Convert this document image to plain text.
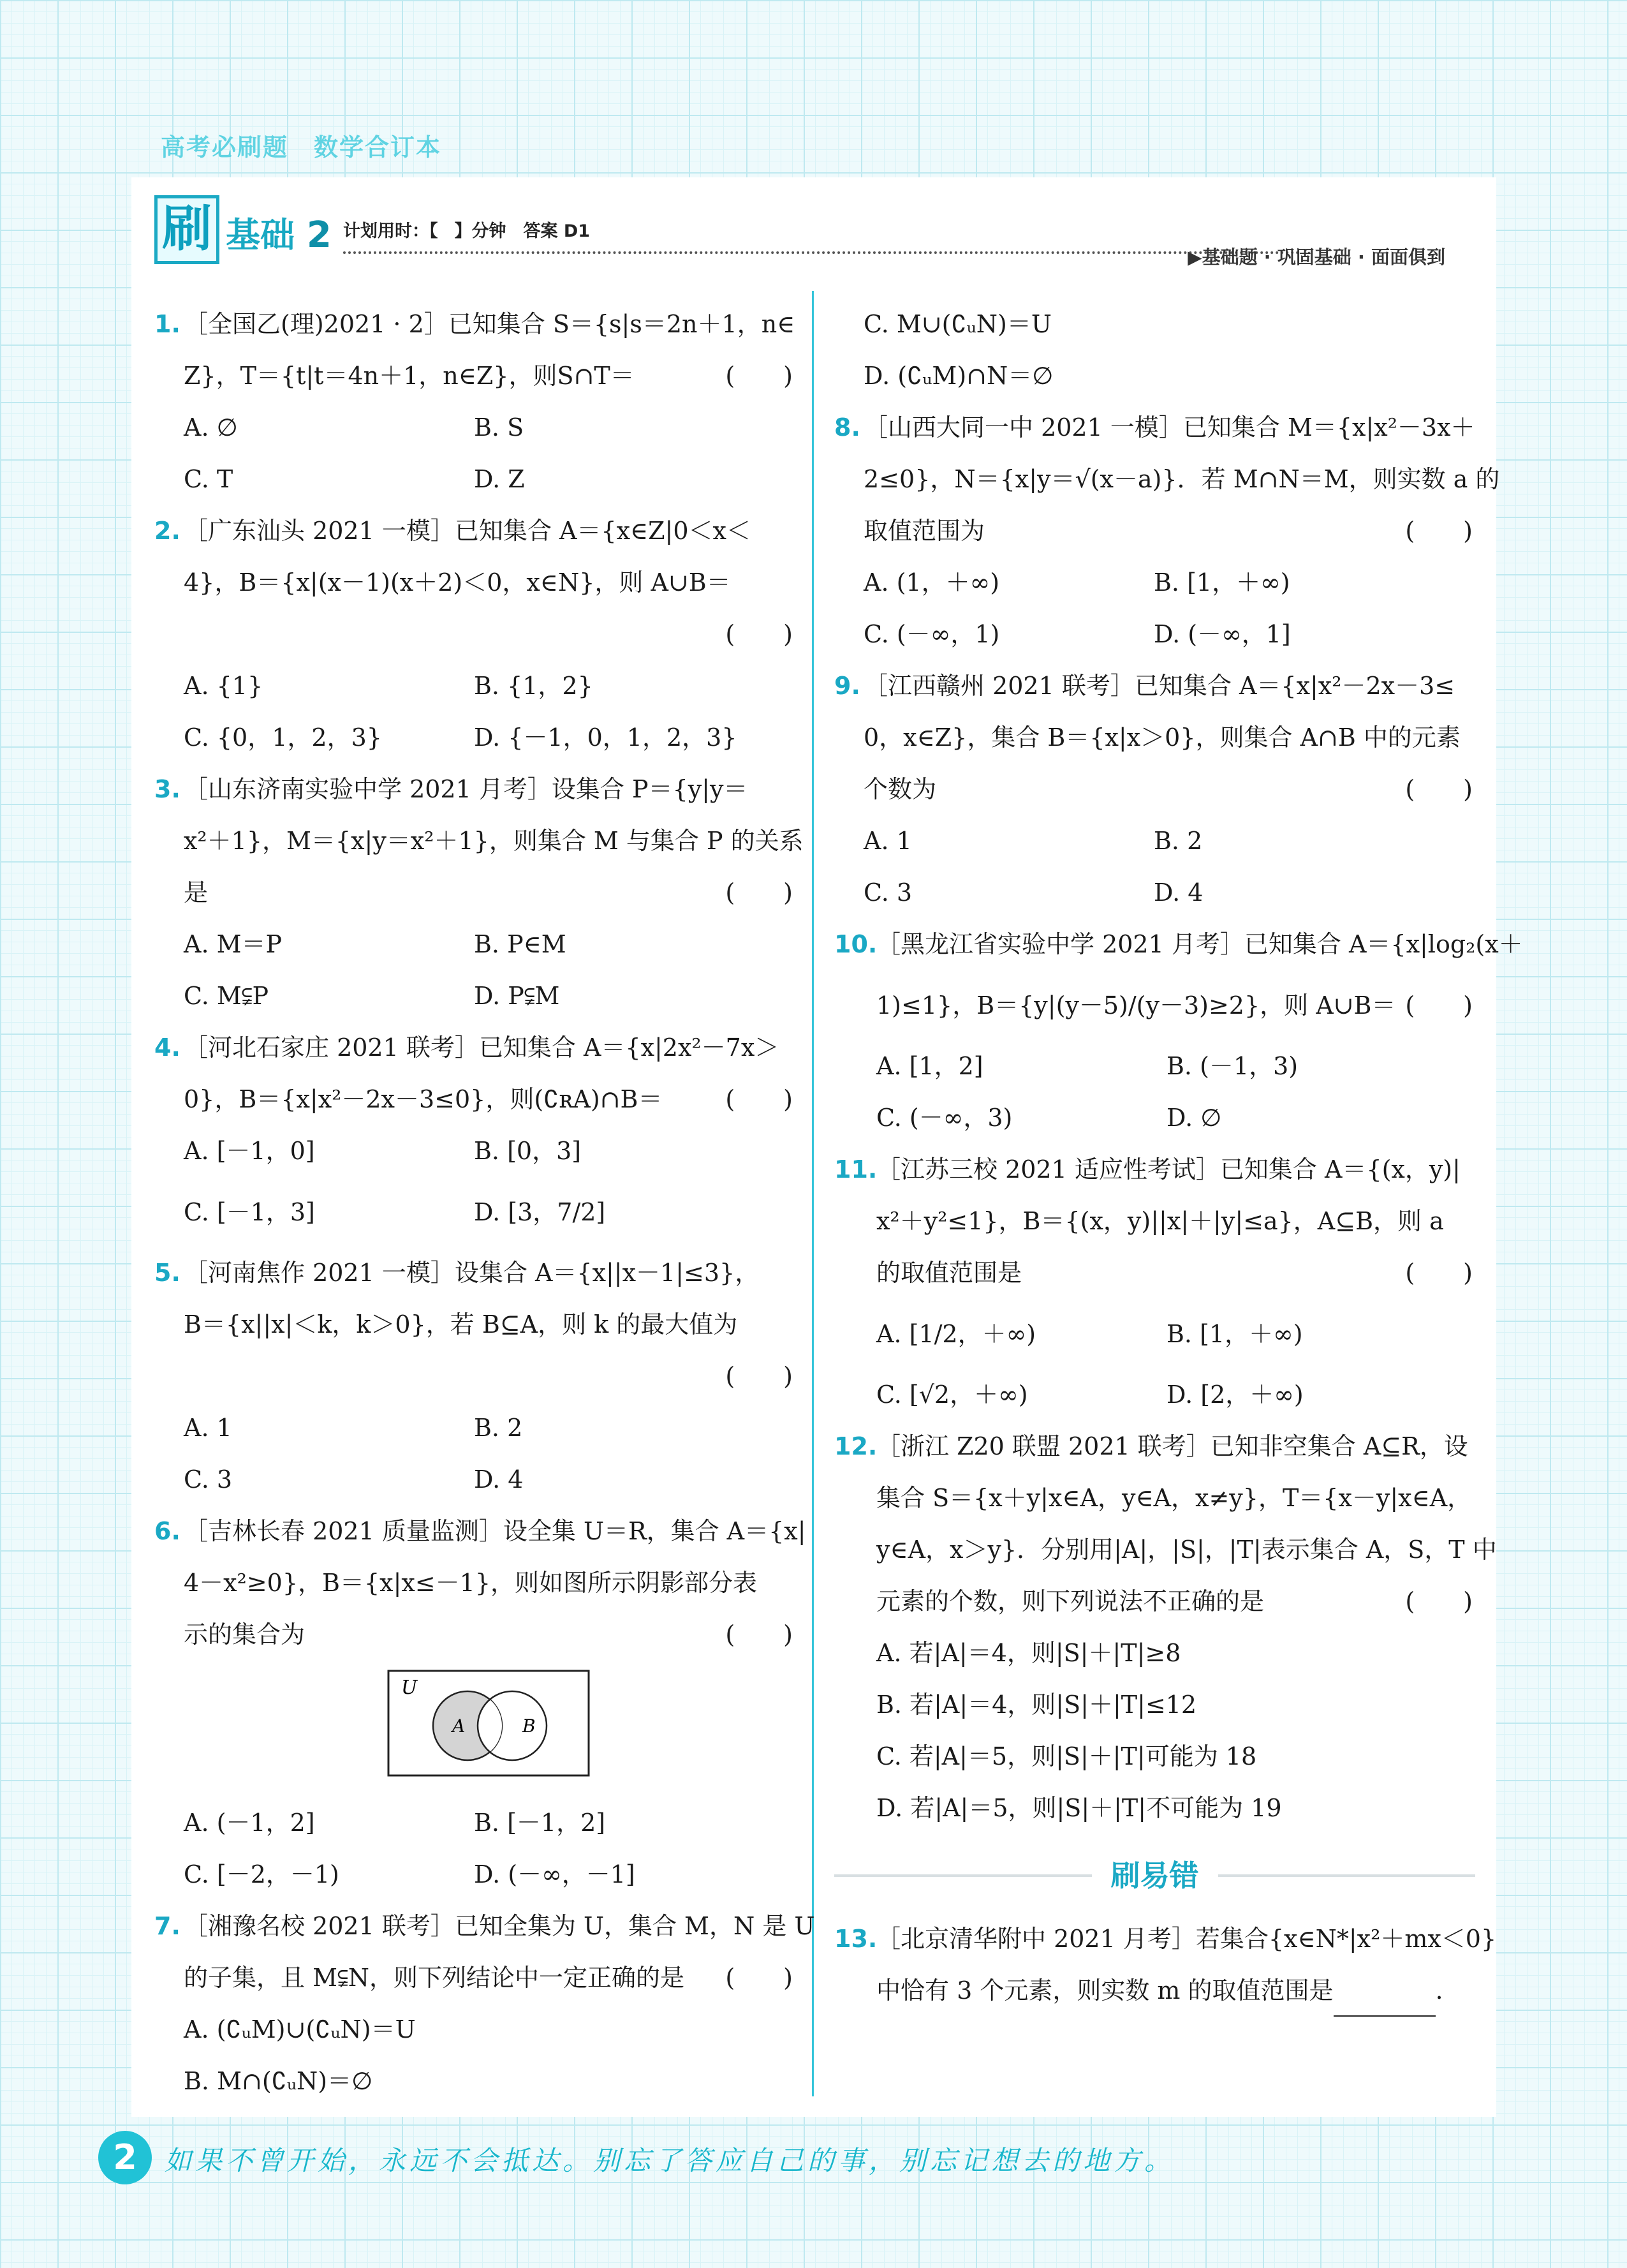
高考必刷题 数学合订本
刷 基础 2 计划用时：【 】分钟　 答案 D1
▶基础题 · 巩固基础 · 面面俱到
1. ［全国乙(理)2021 · 2］已知集合 S＝{s|s＝2n＋1，n∈
Z}，T＝{t|t＝4n＋1，n∈Z}，则S∩T＝	(　　)
A. ∅	B. S
C. T	D. Z
2. ［广东汕头 2021 一模］已知集合 A＝{x∈Z|0＜x＜
4}，B＝{x|(x－1)(x＋2)＜0，x∈N}，则 A∪B＝
(　　)

A. {1}	B. {1，2}
C. {0，1，2，3}	D. {－1，0，1，2，3}
3. ［山东济南实验中学 2021 月考］设集合 P＝{y|y＝
x²＋1}，M＝{x|y＝x²＋1}，则集合 M 与集合 P 的关系
是	(　　)
A. M＝P	B. P∈M
C. M⫋P	D. P⫋M
4. ［河北石家庄 2021 联考］已知集合 A＝{x|2x²－7x＞
0}，B＝{x|x²－2x－3≤0}，则(∁ʀA)∩B＝	(　　)
A. [－1，0]	B. [0，3]
C. [－1，3]	D. [3，7/2]
5. ［河南焦作 2021 一模］设集合 A＝{x||x－1|≤3}，
B＝{x||x|＜k，k＞0}，若 B⊆A，则 k 的最大值为
(　　)

A. 1	B. 2
C. 3	D. 4
6. ［吉林长春 2021 质量监测］设全集 U＝R，集合 A＝{x|
4－x²≥0}，B＝{x|x≤－1}，则如图所示阴影部分表
示的集合为	(　　)
U
A	B
A. (－1，2]	B. [－1，2]
C. [－2，－1)	D. (－∞，－1]
7. ［湘豫名校 2021 联考］已知全集为 U，集合 M，N 是 U
的子集，且 M⫋N，则下列结论中一定正确的是 (　　)
A. (∁ᵤM)∪(∁ᵤN)＝U
B. M∩(∁ᵤN)＝∅
C. M∪(∁ᵤN)＝U
D. (∁ᵤM)∩N＝∅
8. ［山西大同一中 2021 一模］已知集合 M＝{x|x²－3x＋
2≤0}，N＝{x|y＝√(x－a)}．若 M∩N＝M，则实数 a 的
取值范围为	(　　)
A. (1，＋∞)	B. [1，＋∞)
C. (－∞，1)	D. (－∞，1]
9. ［江西赣州 2021 联考］已知集合 A＝{x|x²－2x－3≤
0，x∈Z}，集合 B＝{x|x＞0}，则集合 A∩B 中的元素
个数为	(　　)
A. 1	B. 2
C. 3	D. 4
10.
［黑龙江省实验中学 2021 月考］已知集合 A＝{x|log₂(x＋
1)≤1}，B＝{y|(y－5)/(y－3)≥2}，则 A∪B＝ (　　)
A. [1，2]	B. (－1，3)
C. (－∞，3)	D. ∅
11.
［江苏三校 2021 适应性考试］已知集合 A＝{(x，y)|
x²＋y²≤1}，B＝{(x，y)||x|＋|y|≤a}，A⊆B，则 a
的取值范围是	(　　)
A. [1/2，＋∞)	B. [1，＋∞)
C. [√2，＋∞)	D. [2，＋∞)
12.
［浙江 Z20 联盟 2021 联考］已知非空集合 A⊆R，设
集合 S＝{x＋y|x∈A，y∈A，x≠y}，T＝{x－y|x∈A，
y∈A，x＞y}．分别用|A|，|S|，|T|表示集合 A，S，T 中
元素的个数，则下列说法不正确的是	(　　)
A. 若|A|＝4，则|S|＋|T|≥8
B. 若|A|＝4，则|S|＋|T|≤12
C. 若|A|＝5，则|S|＋|T|可能为 18
D. 若|A|＝5，则|S|＋|T|不可能为 19
刷易错
13.
［北京清华附中 2021 月考］若集合{x∈N*|x²＋mx＜0}
中恰有 3 个元素，则实数 m 的取值范围是	.
2	如果不曾开始，永远不会抵达。别忘了答应自己的事，别忘记想去的地方。
